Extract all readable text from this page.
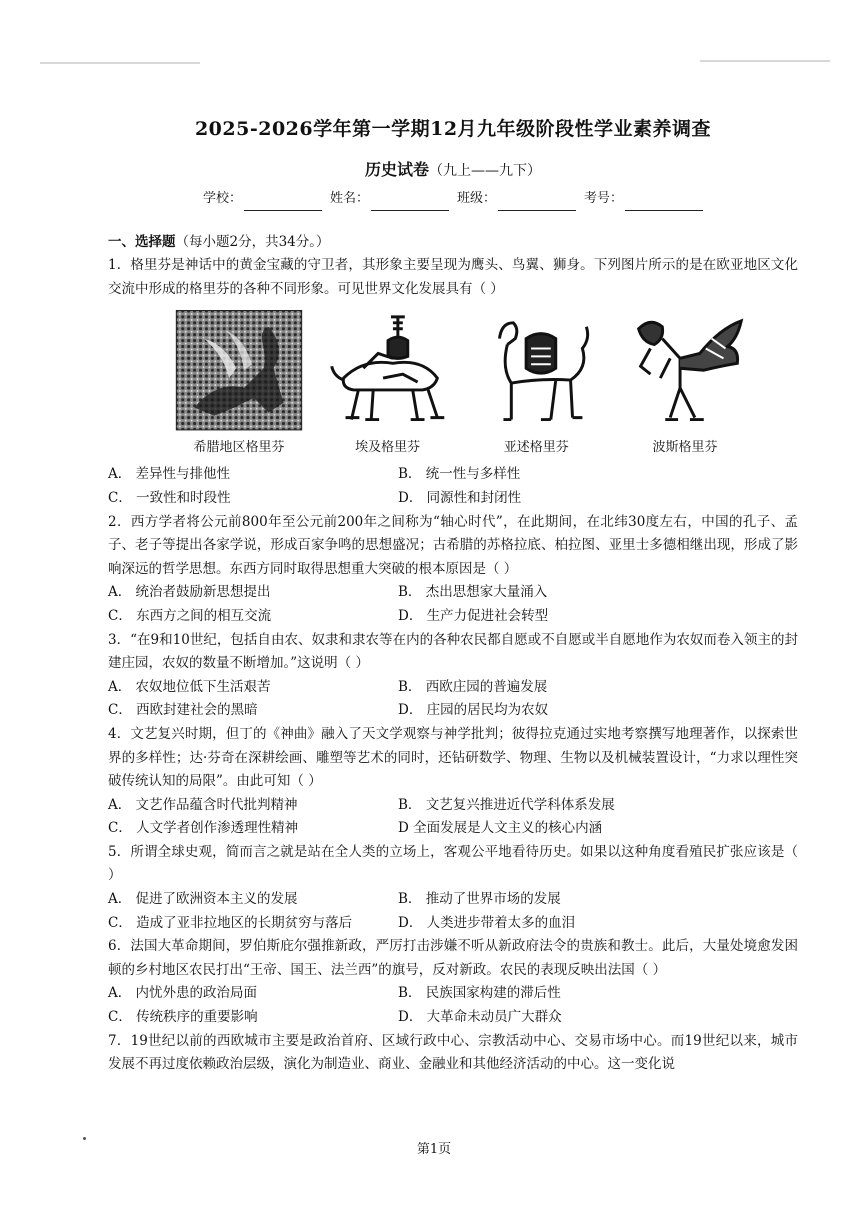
2025-2026学年第一学期12月九年级阶段性学业素养调查
历史试卷（九上——九下）
学校：	姓名：	班级：	考号：
一、选择题（每小题2分，共34分。）

1．格里芬是神话中的黄金宝藏的守卫者，其形象主要呈现为鹰头、鸟翼、狮身。下列图片所示的是在欧亚地区文化交流中形成的格里芬的各种不同形象。可见世界文化发展具有（ ）

希腊地区格里芬	埃及格里芬	亚述格里芬	波斯格里芬
A． 差异性与排他性	B． 统一性与多样性
C． 一致性和时段性	D． 同源性和封闭性

2．西方学者将公元前800年至公元前200年之间称为“轴心时代”，在此期间，在北纬30度左右，中国的孔子、孟子、老子等提出各家学说，形成百家争鸣的思想盛况；古希腊的苏格拉底、柏拉图、亚里士多德相继出现，形成了影响深远的哲学思想。东西方同时取得思想重大突破的根本原因是（ ）

A． 统治者鼓励新思想提出	B． 杰出思想家大量涌入
C． 东西方之间的相互交流	D． 生产力促进社会转型

3．“在9和10世纪，包括自由农、奴隶和隶农等在内的各种农民都自愿或不自愿或半自愿地作为农奴而卷入领主的封建庄园，农奴的数量不断增加。”这说明（ ）

A． 农奴地位低下生活艰苦	B． 西欧庄园的普遍发展
C． 西欧封建社会的黑暗	D． 庄园的居民均为农奴

4．文艺复兴时期，但丁的《神曲》融入了天文学观察与神学批判；彼得拉克通过实地考察撰写地理著作，以探索世界的多样性；达·芬奇在深耕绘画、雕塑等艺术的同时，还钻研数学、物理、生物以及机械装置设计，“力求以理性突破传统认知的局限”。由此可知（ ）

A． 文艺作品蕴含时代批判精神	B． 文艺复兴推进近代学科体系发展
C． 人文学者创作渗透理性精神	D 全面发展是人文主义的核心内涵

5．所谓全球史观，简而言之就是站在全人类的立场上，客观公平地看待历史。如果以这种角度看殖民扩张应该是（ ）

A． 促进了欧洲资本主义的发展	B． 推动了世界市场的发展
C． 造成了亚非拉地区的长期贫穷与落后	D． 人类进步带着太多的血泪

6．法国大革命期间，罗伯斯庇尔强推新政，严厉打击涉嫌不听从新政府法令的贵族和教士。此后，大量处境愈发困顿的乡村地区农民打出“王帝、国王、法兰西”的旗号，反对新政。农民的表现反映出法国（ ）

A． 内忧外患的政治局面	B． 民族国家构建的滞后性
C． 传统秩序的重要影响	D． 大革命未动员广大群众

7．19世纪以前的西欧城市主要是政治首府、区域行政中心、宗教活动中心、交易市场中心。而19世纪以来，城市发展不再过度依赖政治层级，演化为制造业、商业、金融业和其他经济活动的中心。这一变化说

第1页
